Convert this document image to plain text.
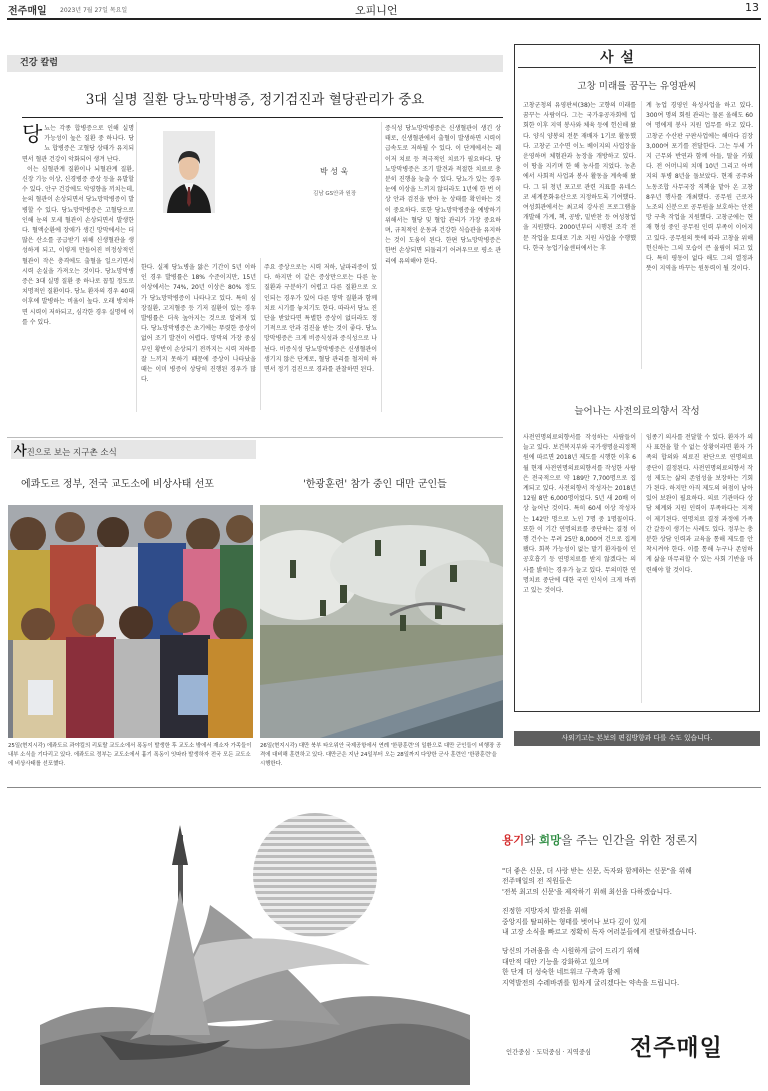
전주매일 2023년 7월 27일 목요일	오피니언	13
건강 칼럼
3대 실명 질환 당뇨망막병증, 정기검진과 혈당관리가 중요
당 뇨는 각종 합병증으로 인해 실명 가능성이 높은 질환 중 하나다. 당뇨 합병증은 고혈당 상태가 유지되면서 혈관 건강이 악화되어 생겨 난다.

이는 심혈관계 질환이나 뇌혈관계 질환, 신장 기능 이상, 신경병증 증상 등을 유발할 수 있다. 안구 건강에도 악영향을 끼치는데, 눈의 혈관이 손상되면서 당뇨망막병증이 발병할 수 있다. 당뇨망막병증은 고혈당으로 인해 눈의 모세 혈관이 손상되면서 발생한다. 혈액순환에 장애가 생긴 망막에서는 더 많은 산소를 공급받기 위해 신생혈관을 생성하게 되고, 이렇게 만들어진 비정상적인 혈관이 작은 충격에도 출혈을 일으키면서 시력 손실을 가져오는 것이다. 당뇨망막병증은 3대 실명 질환 중 하나로 꼽힐 정도로 치명적인 질환이다. 당뇨 환자의 경우 40대 이후에 발병하는 비율이 높다. 오래 방치하면 시력이 저하되고, 심각한 경우 실명에 이를 수 있다.

박 성 욱
김남 GS안과 원장
한다. 실제 당뇨병을 앓은 기간이 5년 이하인 경우 발병률은 18% 수준이지만, 15년 이상에서는 74%, 20년 이상은 80% 정도가 당뇨망막병증이 나타나고 있다. 특히 심장질환, 고지혈증 등 기저 질환이 있는 경우 발병률은 더욱 높아지는 것으로 알려져 있다. 당뇨망막병증은 초기에는 뚜렷한 증상이 없어 조기 발견이 어렵다. 망막의 가장 중심부인 황반이 손상되기 전까지는 시력 저하를 잘 느끼지 못하기 때문에 증상이 나타났을 때는 이미 병증이 상당히 진행된 경우가 많다.
주요 증상으로는 시력 저하, 날파리증이 있다. 하지만 이 같은 증상만으로는 다른 눈 질환과 구분하기 어렵고 다른 질환으로 오인되는 경우가 있어 다른 망막 질환과 함께 치료 시기를 놓치기도 한다. 따라서 당뇨 진단을 받았다면 특별한 증상이 없더라도 정기적으로 안과 검진을 받는 것이 좋다. 당뇨망막병증은 크게 비증식성과 증식성으로 나뉜다. 비증식성 당뇨망막병증은 신생혈관이 생기지 않은 단계로, 혈당 관리를 철저히 하면서 정기 검진으로 경과를 관찰하면 된다.
증식성 당뇨망막병증은 신생혈관이 생긴 상태로, 신생혈관에서 출혈이 발생하면 시력이 급속도로 저하될 수 있다. 이 단계에서는 레이저 치료 등 적극적인 치료가 필요하다. 당뇨망막병증은 조기 발견과 적절한 치료로 충분히 진행을 늦출 수 있다. 당뇨가 있는 경우 눈에 이상을 느끼지 않더라도 1년에 한 번 이상 안과 검진을 받아 눈 상태를 확인하는 것이 중요하다. 또한 당뇨망막병증을 예방하기 위해서는 혈당 및 혈압 관리가 가장 중요하며, 규칙적인 운동과 건강한 식습관을 유지하는 것이 도움이 된다. 한편 당뇨망막병증은 한번 손상되면 되돌리기 어려우므로 평소 관리에 유의해야 한다.
사 설
고창 미래를 꿈꾸는 유영판씨
고창군청의 유영판씨(38)는 고향의 미래를 꿈꾸는 사람이다. 그는 국가유공자회에 입회한 이후 지역 봉사와 체육 등에 헌신해 왔다. 양식 양봉의 전문 재배자 1기로 활동했다. 고창군 고수면 이노 베이지의 사업장을 운영하며 체험관과 농장을 개방하고 있다. 이 땅을 지키며 한 해 농사를 지었다. 농촌에서 사회적 사업과 봉사 활동을 계속해 왔다. 그 뒤 청년 포고로 관련 지표를 유네스코 세계문화유산으로 지정하도록 기여했다. 여성회관에서는 최고의 강사진 프로그램을 개발해 가계, 책, 공방, 밑반찬 등 여성창업을 지원했다. 2000년부터 시행된 조각 전문 작업을 토대로 기초 지원 사업을 수행했다. 한국 농업기술센터에서는 후
계 농업 경영인 육성사업을 하고 있다. 300여 명의 회원 관리는 물론 올해도 60여 명에게 봉사 지원 업무를 하고 있다. 고창군 수산판 구판사업에는 해마다 김장 3,000여 포기를 전달한다. 그는 두세 가지 근무와 반연과 함께 아들, 딸을 키웠다. 전 어머니의 치매 10년 그리고 아버지의 투병 8년을 돌보았다. 현재 공주와 노동조합 사무국장 직책을 맡아 온 고창 8우년 행사를 개최했다. 공무원 근로자 노조의 신분으로 공무원을 보호하는 안전망 구축 작업을 지원했다. 고창군에는 현재 형성 중인 공무원 인력 부족이 이어지고 있다. 공무원의 뜻에 따라 고창을 위해 헌신하는 그의 모습이 큰 울림이 되고 있다. 특히 평동이 없다 해도 그의 열정과 뜻이 지역을 바꾸는 원동력이 될 것이다.
늘어나는 사전의료의향서 작성
사전연명의료의향서를 작성하는 사람들이 늘고 있다. 보건복지부와 국가생명윤리정책원에 따르면 2018년 제도를 시행한 이후 6월 현재 사전연명의료의향서를 작성한 사람은 전국적으로 약 189만 7,700명으로 집계되고 있다. 사전의향서 작성자는 2018년 12월 8만 6,000명이었다. 5년 새 20배 이상 늘어난 것이다. 특히 60세 이상 작성자는 142만 명으로 노인 7명 중 1명꼴이다. 또한 이 기간 연명의료를 중단하는 결정 이행 건수는 무려 25만 8,000여 건으로 집계됐다. 회복 가능성이 없는 말기 환자들이 인공호흡기 등 연명치료를 받지 않겠다는 의사를 밝히는 경우가 늘고 있다. 무의미한 연명치료 중단에 대한 국민 인식이 크게 바뀌고 있는 것이다.
임종기 의사를 전달할 수 있다. 환자가 의사 표현을 할 수 없는 상황이라면 환자 가족의 합의와 의료진 판단으로 연명의료 중단이 결정된다. 사전연명의료의향서 작성 제도는 삶의 존엄성을 보장하는 기회가 된다. 하지만 아직 제도의 허점이 남아 있어 보완이 필요하다. 의료 기관마다 상담 체계와 지원 인력이 부족하다는 지적이 제기된다. 연명치료 결정 과정에 가족 간 갈등이 생기는 사례도 있다. 정부는 충분한 상담 인력과 교육을 통해 제도를 안착시켜야 한다. 이를 통해 누구나 존엄하게 삶을 마무리할 수 있는 사회 기반을 마련해야 할 것이다.
사외기고는 본보의 편집방향과 다를 수도 있습니다.
사진으로 보는 지구촌 소식
에콰도르 정부, 전국 교도소에 비상사태 선포	'한광훈련' 참가 중인 대만 군인들
25일(현지시각) 에콰도르 과야킬의 리토랄 교도소에서 폭동이 발생한 후 교도소 밖에서 재소자 가족들이 내부 소식을 기다리고 있다. 에콰도르 정부는 교도소에서 흉기 폭동이 잇따라 발생하자 전국 모든 교도소에 비상사태를 선포했다.
26일(현지시각) 대만 북부 타오위안 국제공항에서 연례 '한광훈련'의 일환으로 대만 군인들이 비행장 공격에 대비해 훈련하고 있다. 대만군은 지난 24일부터 오는 28일까지 다양한 군사 훈련인 '한광훈련'을 시행한다.
용기와 희망을 주는 인간을 위한 정론지
"더 좋은 신문, 더 사랑 받는 신문, 독자와 함께하는 신문"을 위해
전주매일의 전 직원들은
'전북 최고의 신문'을 제작하기 위해 최선을 다하겠습니다.
진정한 지방자치 발전을 위해
중앙지를 탈피하는 형태를 벗어나 보다 깊이 있게
내 고장 소식을 빠르고 정확히 독자 여러분들에게 전달하겠습니다.
당신의 가려움을 속 시원하게 긁어 드리기 위해
대안적 대안 기능을 강화하고 있으며
한 단계 더 성숙한 네트워크 구축과 함께
지역발전의 수레바퀴를 힘차게 굴리겠다는 약속을 드립니다.
인간중심 · 도덕중심 · 지역중심 전주매일
